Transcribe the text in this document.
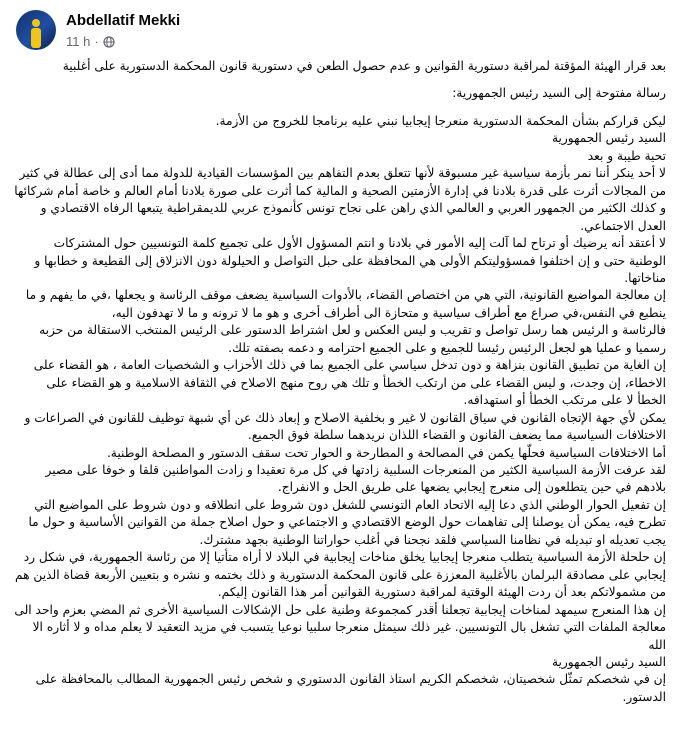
Abdellatif Mekki
11 h ·

بعد قرار الهيئة المؤقتة لمراقبة دستورية القوانين و عدم حصول الطعن في دستورية قانون المحكمة الدستورية على أغلبية

رسالة مفتوحة إلى السيد رئيس الجمهورية:

ليكن قراركم بشأن المحكمة الدستورية منعرجا إيجابيا نبني عليه برنامجا للخروج من الأزمة.

السيد رئيس الجمهورية

تحية طيبة و بعد

لا أحد ينكر أننا نمر بأزمة سياسية غير مسبوقة لأنها تتعلق بعدم التفاهم بين المؤسسات القيادية للدولة مما أدى إلى عطالة في كثير من المجالات أثرت على قدرة بلادنا في إدارة الأزمتين الصحية و المالية كما أثرت على صورة بلادنا أمام العالم و خاصة أمام شركائها و كذلك الكثير من الجمهور العربي و العالمي الذي راهن على نجاح تونس كأنموذج عربي للديمقراطية يتبعها الرفاه الاقتصادي و العدل الاجتماعي.

لا أعتقد أنه يرضيك أو ترتاح لما آلت إليه الأمور في بلادنا و انتم المسؤول الأول على تجميع كلمة التونسيين حول المشتركات الوطنية حتى و إن اختلفوا فمسؤوليتكم الأولى هي المحافظة على حبل التواصل و الحيلولة دون الانزلاق إلى القطيعة و خطابها و مناخاتها.

إن معالجة المواضيع القانونية، التي هي من اختصاص القضاء، بالأدوات السياسية يضعف موقف الرئاسة و يجعلها ،في ما يفهم و ما ينطبع في النفس،في صراع مع أطراف سياسية و متحازة الى أطراف أخرى و هو ما لا ترونه و ما لا تهدفون اليه،

فالرئاسة و الرئيس هما رسل تواصل و تقريب و ليس العكس و لعل اشتراط الدستور على الرئيس المنتخب الاستقالة من حزبه رسميا و عمليا هو لجعل الرئيس رئيسا للجميع و على الجميع احترامه و دعمه بصفته تلك.

إن الغاية من تطبيق القانون بنزاهة و دون تدخل سياسي على الجميع بما في ذلك الأحزاب و الشخصيات العامة ، هو القضاء على الاخطاء، إن وجدت، و ليس القضاء على من ارتكب الخطأ و تلك هي روح منهج الاصلاح في الثقافة الاسلامية و هو القضاء على الخطأ لا على مرتكب الخطأ أو استهدافه.

يمكن لأي جهة الإتجاه القانون في سياق القانون لا غير و بخلفية الاصلاح و إبعاد ذلك عن أي شبهة توظيف للقانون في الصراعات و الاختلافات السياسية مما يضعف القانون و القضاء اللذان نريدهما سلطة فوق الجميع.

أما الاختلافات السياسية فحلّها يكمن في المصالحة و المطارحة و الحوار تحت سقف الدستور و المصلحة الوطنية.

لقد عرفت الأزمة السياسية الكثير من المنعرجات السلبية زادتها في كل مرة تعقيدا و زادت المواطنين قلقا و خوفا على مصير بلادهم في حين يتطلعون إلى منعرج إيجابي يضعها على طريق الحل و الانفراج.

إن تفعيل الحوار الوطني الذي دعا إليه الاتحاد العام التونسي للشغل دون شروط على انطلاقه و دون شروط على المواضيع التي تطرح فيه، يمكن أن يوصلنا إلى تفاهمات حول الوضع الاقتصادي و الاجتماعي و حول اصلاح جملة من القوانين الأساسية و حول ما يجب تعديله او تبديله في نظامنا السياسي فلقد نجحنا في أغلب حواراتنا الوطنية بجهد مشترك.

إن حلحلة الأزمة السياسية يتطلب منعرجا إيجابيا يخلق مناخات إيجابية في البلاد لا أراه متأتيا إلا من رئاسة الجمهورية، في شكل رد إيجابي على مصادقة البرلمان بالأغلبية المعززة على قانون المحكمة الدستورية و ذلك بختمه و نشره و بتعيين الأربعة قضاة الذين هم من مشمولاتكم بعد أن ردت الهيئة الوقتية لمراقبة دستورية القوانين أمر هذا القانون إليكم.

إن هذا المنعرج سيمهد لمناخات إيجابية تجعلنا أقدر كمجموعة وطنية على حل الإشكالات السياسية الأخرى ثم المضي بعزم واحد الى معالجة الملفات التي تشغل بال التونسيين. غير ذلك سيمثل منعرجا سلبيا نوعيا يتسبب في مزيد التعقيد لا يعلم مداه و لا أثاره الا الله

السيد رئيس الجمهورية

إن في شخصكم تمثّل شخصيتان، شخصكم الكريم استاذ القانون الدستوري و شخص رئيس الجمهورية المطالب بالمحافظة على الدستور.
